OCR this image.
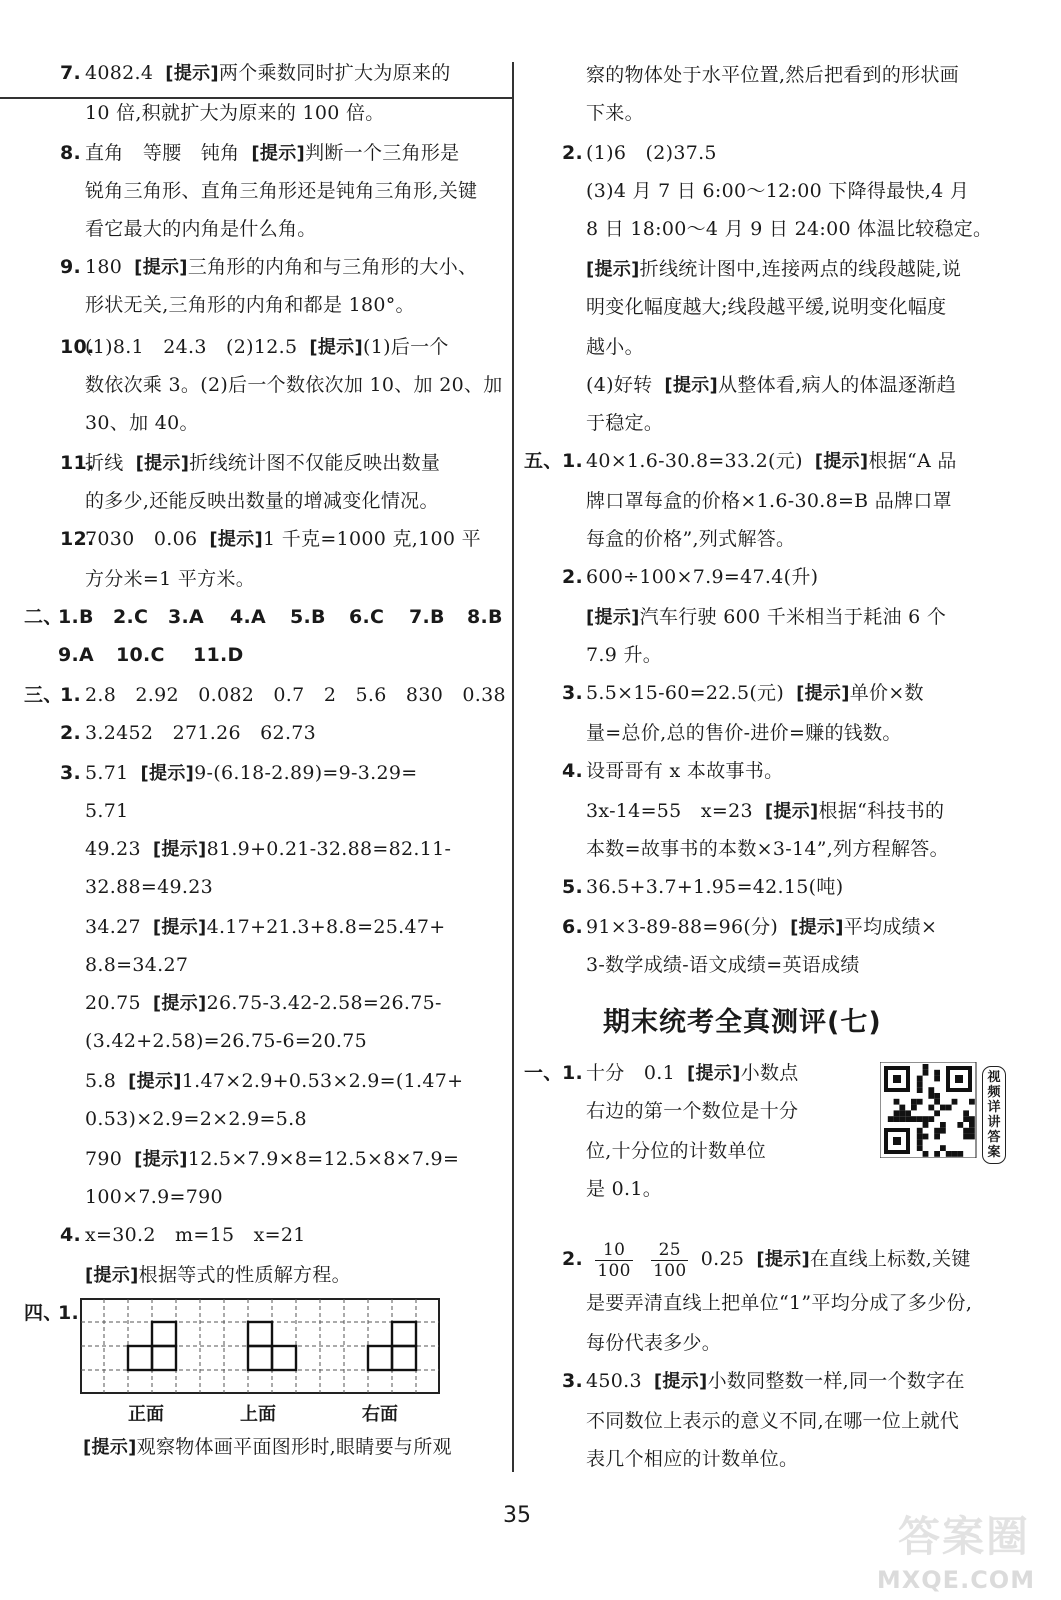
7. 4082.4 [提示]两个乘数同时扩大为原来的
10 倍,积就扩大为原来的 100 倍。
8. 直角　等腰　钝角 [提示]判断一个三角形是
锐角三角形、直角三角形还是钝角三角形,关键
看它最大的内角是什么角。
9. 180 [提示]三角形的内角和与三角形的大小、
形状无关,三角形的内角和都是 180°。
10.
(1)8.1　24.3　(2)12.5 [提示](1)后一个
数依次乘 3。(2)后一个数依次加 10、加 20、加
30、加 40。
11.
折线 [提示]折线统计图不仅能反映出数量
的多少,还能反映出数量的增减变化情况。
12.
7030　0.06 [提示]1 千克=1000 克,100 平
方分米=1 平方米。
二、
1.B 2.C 3.A 4.A 5.B 6.C 7.B 8.B
9.A 10.C 11.D
三、
1. 2.8　2.92　0.082　0.7　2　5.6　830　0.38
2. 3.2452　271.26　62.73
3. 5.71 [提示]9-(6.18-2.89)=9-3.29=
5.71
49.23 [提示]81.9+0.21-32.88=82.11-
32.88=49.23
34.27 [提示]4.17+21.3+8.8=25.47+
8.8=34.27
20.75 [提示]26.75-3.42-2.58=26.75-
(3.42+2.58)=26.75-6=20.75
5.8 [提示]1.47×2.9+0.53×2.9=(1.47+
0.53)×2.9=2×2.9=5.8
790 [提示]12.5×7.9×8=12.5×8×7.9=
100×7.9=790
4. x=30.2　m=15　x=21
[提示]根据等式的性质解方程。
四、
1.
正面	上面	右面
[提示]观察物体画平面图形时,眼睛要与所观
察的物体处于水平位置,然后把看到的形状画
下来。
2. (1)6　(2)37.5
(3)4 月 7 日 6:00～12:00 下降得最快,4 月
8 日 18:00～4 月 9 日 24:00 体温比较稳定。
[提示]折线统计图中,连接两点的线段越陡,说
明变化幅度越大;线段越平缓,说明变化幅度
越小。
(4)好转 [提示]从整体看,病人的体温逐渐趋
于稳定。
五、 1. 40×1.6-30.8=33.2(元) [提示]根据“A 品
牌口罩每盒的价格×1.6-30.8=B 品牌口罩
每盒的价格”,列式解答。
2. 600÷100×7.9=47.4(升)
[提示]汽车行驶 600 千米相当于耗油 6 个
7.9 升。
3. 5.5×15-60=22.5(元) [提示]单价×数
量=总价,总的售价-进价=赚的钱数。
4. 设哥哥有 x 本故事书。
3x-14=55　x=23 [提示]根据“科技书的
本数=故事书的本数×3-14”,列方程解答。
5. 36.5+3.7+1.95=42.15(吨)
6. 91×3-89-88=96(分) [提示]平均成绩×
3-数学成绩-语文成绩=英语成绩
期末统考全真测评(七)
一、 1. 十分　0.1 [提示]小数点
右边的第一个数位是十分
位,十分位的计数单位
是 0.1。
2. $\frac{10}{100}$
$\frac{25}{100} 0.25$ [提示]在直线上标数,关键
是要弄清直线上把单位“1”平均分成了多少份,
每份代表多少。
3. 450.3 [提示]小数同整数一样,同一个数字在
不同数位上表示的意义不同,在哪一位上就代
表几个相应的计数单位。
视频详讲答案
35	答案圈
MXQE.COM
